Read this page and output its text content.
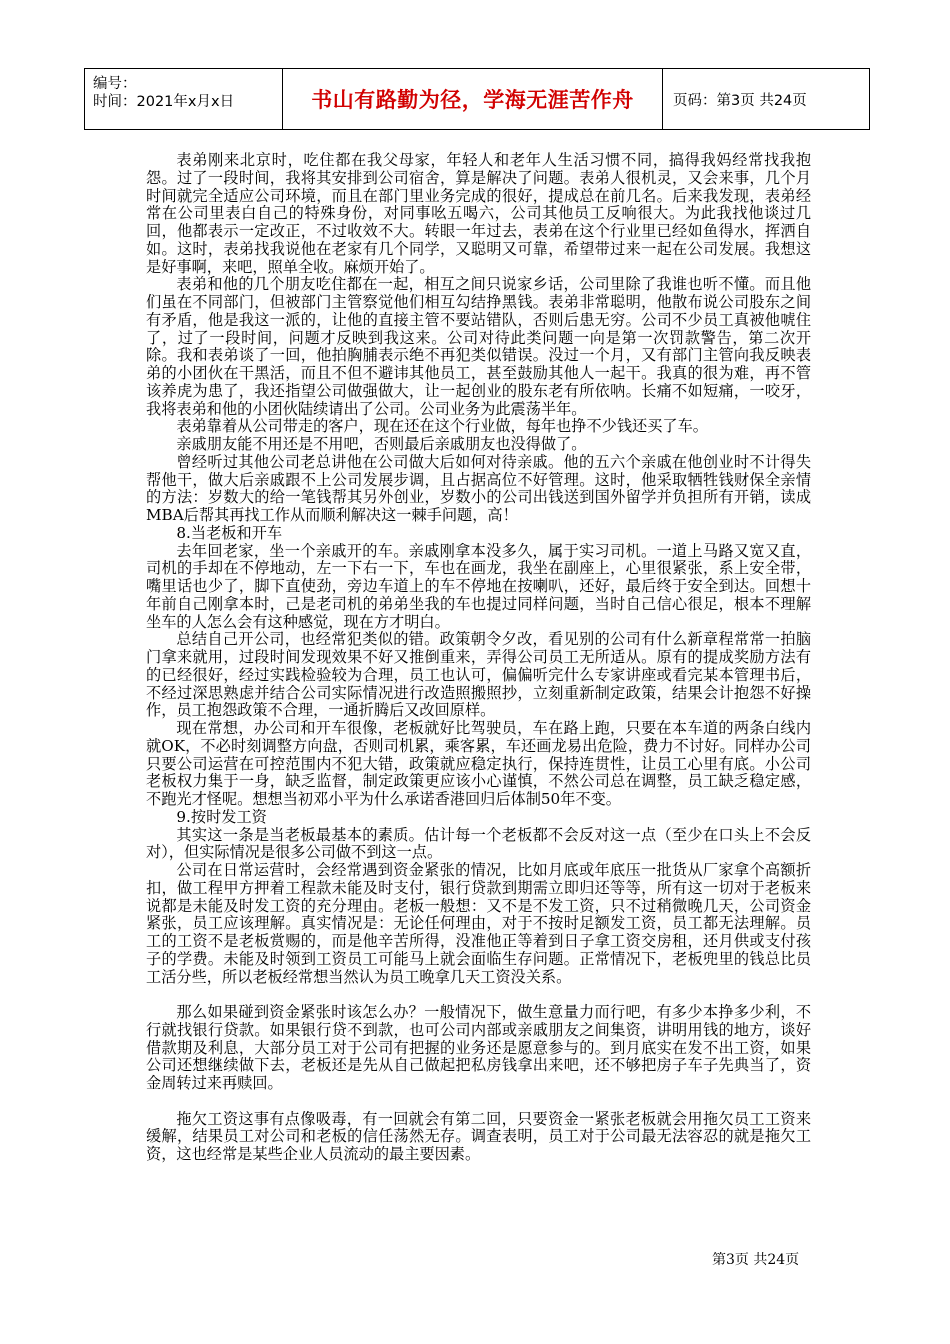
编号：
时间：2021年x月x日	书山有路勤为径，学海无涯苦作舟	页码：第3页 共24页

表弟刚来北京时，吃住都在我父母家，年轻人和老年人生活习惯不同，搞得我妈经常找我抱怨。过了一段时间，我将其安排到公司宿舍，算是解决了问题。表弟人很机灵，又会来事，几个月时间就完全适应公司环境，而且在部门里业务完成的很好，提成总在前几名。后来我发现，表弟经常在公司里表白自己的特殊身份，对同事吆五喝六，公司其他员工反响很大。为此我找他谈过几回，他都表示一定改正，不过收效不大。转眼一年过去，表弟在这个行业里已经如鱼得水，挥洒自如。这时，表弟找我说他在老家有几个同学，又聪明又可靠，希望带过来一起在公司发展。我想这是好事啊，来吧，照单全收。麻烦开始了。

表弟和他的几个朋友吃住都在一起，相互之间只说家乡话，公司里除了我谁也听不懂。而且他们虽在不同部门，但被部门主管察觉他们相互勾结挣黑钱。表弟非常聪明，他散布说公司股东之间有矛盾，他是我这一派的，让他的直接主管不要站错队，否则后患无穷。公司不少员工真被他唬住了，过了一段时间，问题才反映到我这来。公司对待此类问题一向是第一次罚款警告，第二次开除。我和表弟谈了一回，他拍胸脯表示绝不再犯类似错误。没过一个月，又有部门主管向我反映表弟的小团伙在干黑活，而且不但不避讳其他员工，甚至鼓励其他人一起干。我真的很为难，再不管该养虎为患了，我还指望公司做强做大，让一起创业的股东老有所依呐。长痛不如短痛，一咬牙，我将表弟和他的小团伙陆续请出了公司。公司业务为此震荡半年。

表弟靠着从公司带走的客户，现在还在这个行业做，每年也挣不少钱还买了车。

亲戚朋友能不用还是不用吧，否则最后亲戚朋友也没得做了。

曾经听过其他公司老总讲他在公司做大后如何对待亲戚。他的五六个亲戚在他创业时不计得失帮他干，做大后亲戚跟不上公司发展步调，且占据高位不好管理。这时，他采取牺牲钱财保全亲情的方法：岁数大的给一笔钱帮其另外创业，岁数小的公司出钱送到国外留学并负担所有开销，读成MBA后帮其再找工作从而顺利解决这一棘手问题，高！

8.当老板和开车

去年回老家，坐一个亲戚开的车。亲戚刚拿本没多久，属于实习司机。一道上马路又宽又直，司机的手却在不停地动，左一下右一下，车也在画龙，我坐在副座上，心里很紧张，系上安全带，嘴里话也少了，脚下直使劲，旁边车道上的车不停地在按喇叭，还好，最后终于安全到达。回想十年前自己刚拿本时，己是老司机的弟弟坐我的车也提过同样问题，当时自己信心很足，根本不理解坐车的人怎么会有这种感觉，现在方才明白。

总结自己开公司，也经常犯类似的错。政策朝令夕改，看见别的公司有什么新章程常常一拍脑门拿来就用，过段时间发现效果不好又推倒重来，弄得公司员工无所适从。原有的提成奖励方法有的已经很好，经过实践检验较为合理，员工也认可，偏偏听完什么专家讲座或看完某本管理书后，不经过深思熟虑并结合公司实际情况进行改造照搬照抄，立刻重新制定政策，结果会计抱怨不好操作，员工抱怨政策不合理，一通折腾后又改回原样。

现在常想，办公司和开车很像，老板就好比驾驶员，车在路上跑，只要在本车道的两条白线内就OK，不必时刻调整方向盘，否则司机累，乘客累，车还画龙易出危险，费力不讨好。同样办公司只要公司运营在可控范围内不犯大错，政策就应稳定执行，保持连贯性，让员工心里有底。小公司老板权力集于一身，缺乏监督，制定政策更应该小心谨慎，不然公司总在调整，员工缺乏稳定感，不跑光才怪呢。想想当初邓小平为什么承诺香港回归后体制50年不变。

9.按时发工资

其实这一条是当老板最基本的素质。估计每一个老板都不会反对这一点（至少在口头上不会反对），但实际情况是很多公司做不到这一点。

公司在日常运营时，会经常遇到资金紧张的情况，比如月底或年底压一批货从厂家拿个高额折扣，做工程甲方押着工程款未能及时支付，银行贷款到期需立即归还等等，所有这一切对于老板来说都是未能及时发工资的充分理由。老板一般想：又不是不发工资，只不过稍微晚几天，公司资金紧张，员工应该理解。真实情况是：无论任何理由，对于不按时足额发工资，员工都无法理解。员工的工资不是老板赏赐的，而是他辛苦所得，没准他正等着到日子拿工资交房租，还月供或支付孩子的学费。未能及时领到工资员工可能马上就会面临生存问题。正常情况下，老板兜里的钱总比员工活分些，所以老板经常想当然认为员工晚拿几天工资没关系。

那么如果碰到资金紧张时该怎么办？一般情况下，做生意量力而行吧，有多少本挣多少利，不行就找银行贷款。如果银行贷不到款，也可公司内部或亲戚朋友之间集资，讲明用钱的地方，谈好借款期及利息，大部分员工对于公司有把握的业务还是愿意参与的。到月底实在发不出工资，如果公司还想继续做下去，老板还是先从自己做起把私房钱拿出来吧，还不够把房子车子先典当了，资金周转过来再赎回。

拖欠工资这事有点像吸毒，有一回就会有第二回，只要资金一紧张老板就会用拖欠员工工资来缓解，结果员工对公司和老板的信任荡然无存。调查表明，员工对于公司最无法容忍的就是拖欠工资，这也经常是某些企业人员流动的最主要因素。

第3页 共24页
